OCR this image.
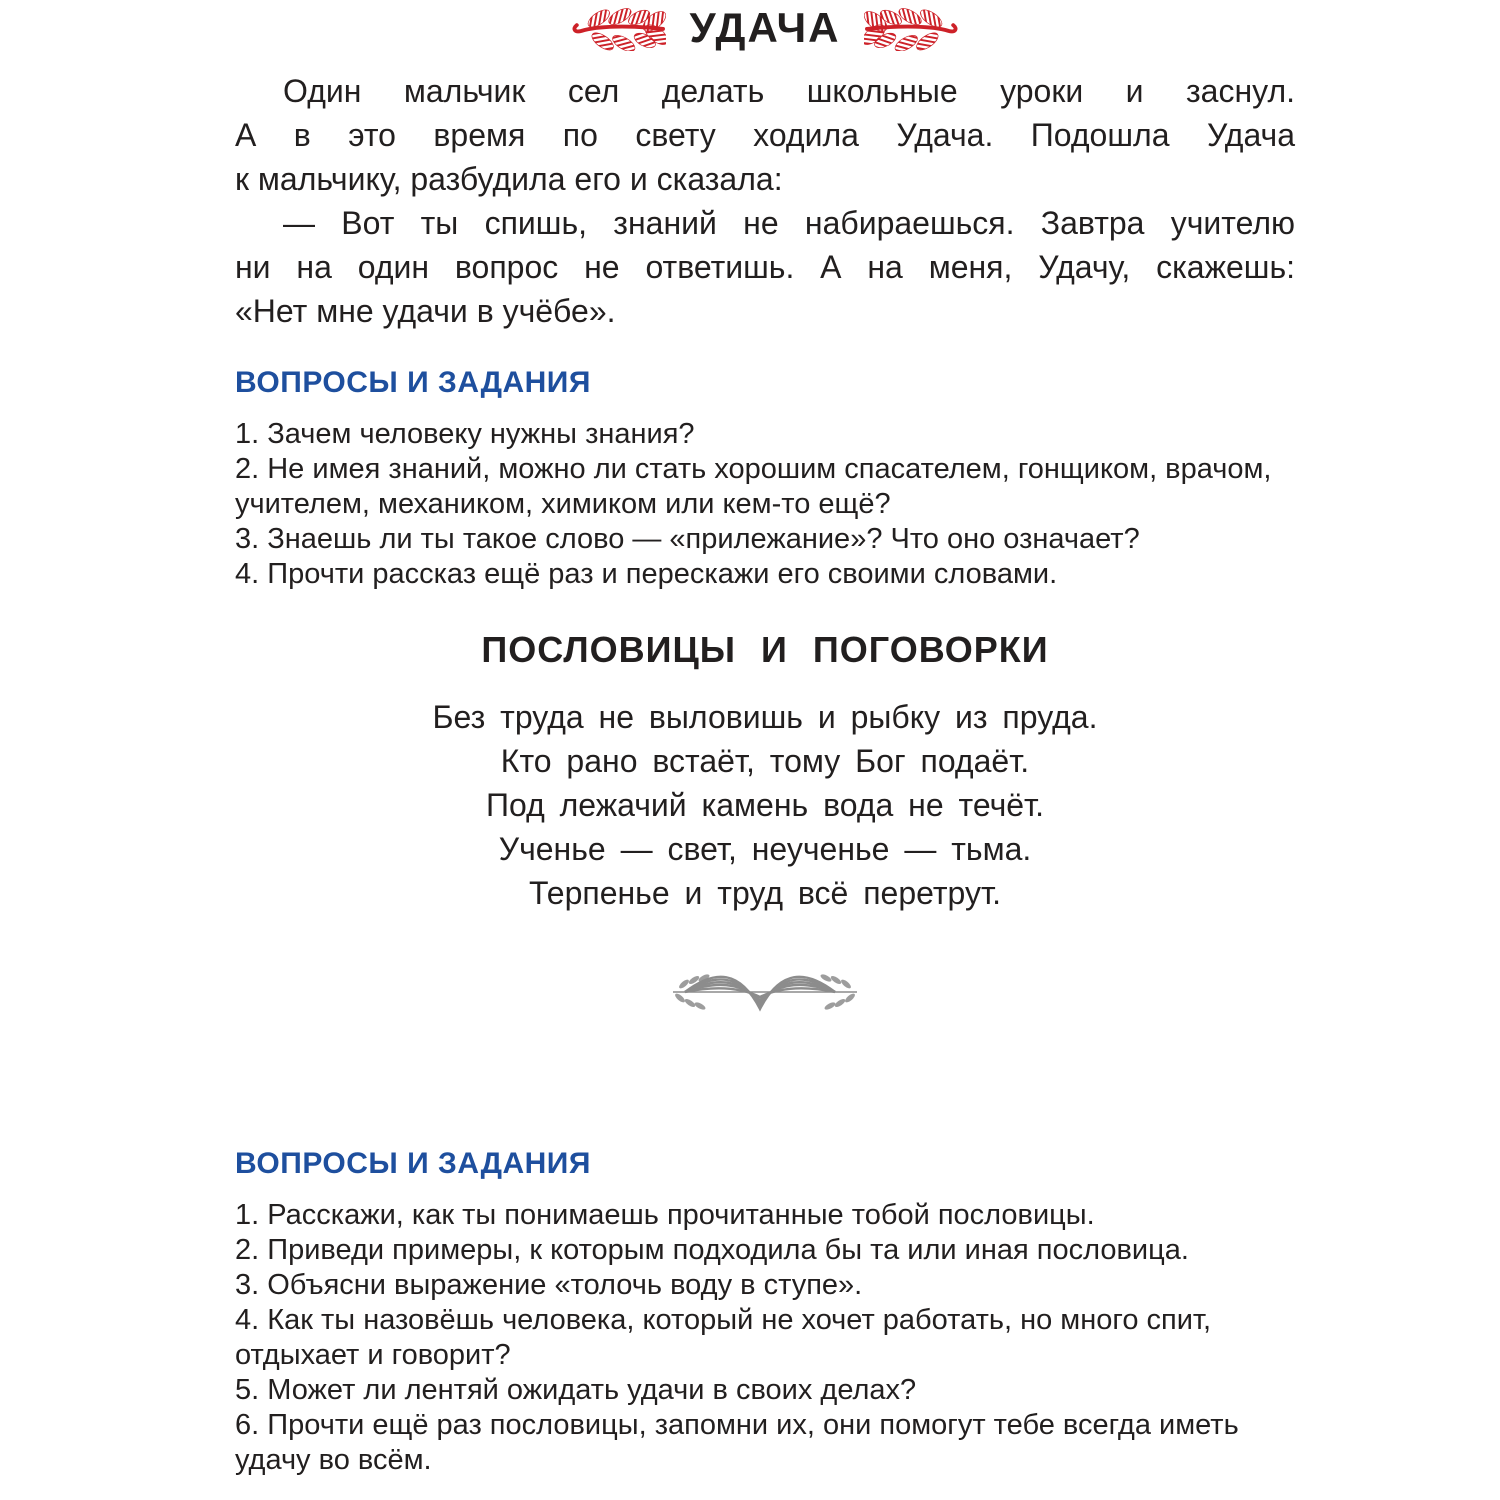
УДАЧА
Один мальчик сел делать школьные уроки и заснул.
А в это время по свету ходила Удача. Подошла Удача
к мальчику, разбудила его и сказала:
— Вот ты спишь, знаний не набираешься. Завтра учителю
ни на один вопрос не ответишь. А на меня, Удачу, скажешь:
«Нет мне удачи в учёбе».
ВОПРОСЫ И ЗАДАНИЯ
1. Зачем человеку нужны знания?
2. Не имея знаний, можно ли стать хорошим спасателем, гонщиком, врачом, учителем, механиком, химиком или кем-то ещё?
3. Знаешь ли ты такое слово — «прилежание»? Что оно означает?
4. Прочти рассказ ещё раз и перескажи его своими словами.
ПОСЛОВИЦЫ И ПОГОВОРКИ
Без труда не выловишь и рыбку из пруда.
Кто рано встаёт, тому Бог подаёт.
Под лежачий камень вода не течёт.
Ученье — свет, неученье — тьма.
Терпенье и труд всё перетрут.
ВОПРОСЫ И ЗАДАНИЯ
1. Расскажи, как ты понимаешь прочитанные тобой пословицы.
2. Приведи примеры, к которым подходила бы та или иная пословица.
3. Объясни выражение «толочь воду в ступе».
4. Как ты назовёшь человека, который не хочет работать, но много спит, отдыхает и говорит?
5. Может ли лентяй ожидать удачи в своих делах?
6. Прочти ещё раз пословицы, запомни их, они помогут тебе всегда иметь удачу во всём.
